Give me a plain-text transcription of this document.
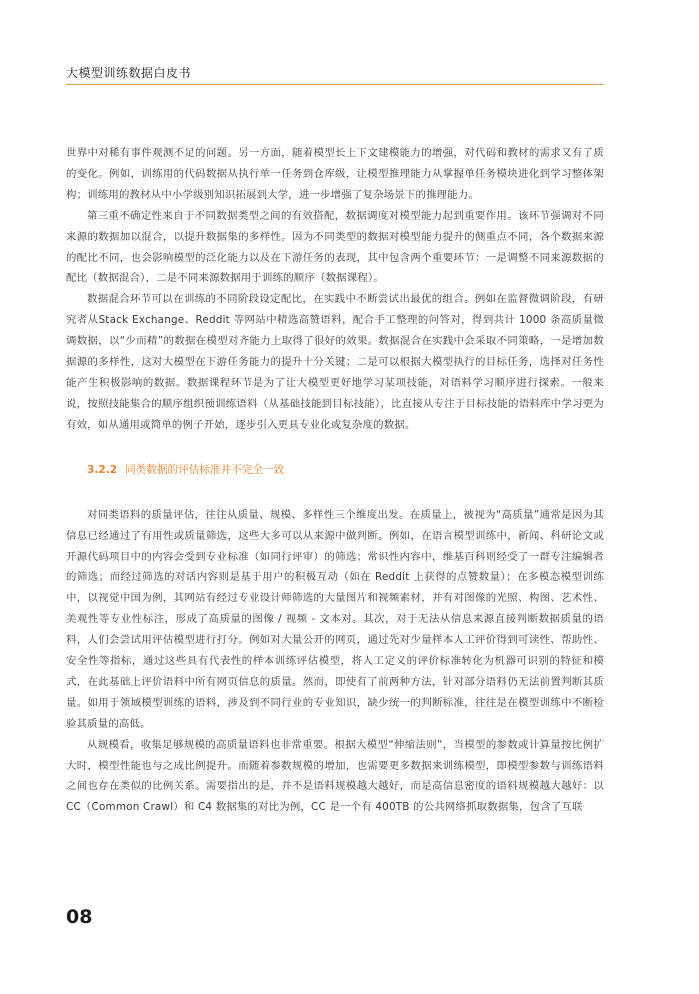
大模型训练数据白皮书

世界中对稀有事件观测不足的问题。另一方面，随着模型长上下文建模能力的增强，对代码和教材的需求又有了质的变化。例如，训练用的代码数据从执行单一任务到仓库级，让模型推理能力从掌握单任务模块进化到学习整体架构；训练用的教材从中小学级别知识拓展到大学，进一步增强了复杂场景下的推理能力。

第三重不确定性来自于不同数据类型之间的有效搭配，数据调度对模型能力起到重要作用。该环节强调对不同来源的数据加以混合，以提升数据集的多样性。因为不同类型的数据对模型能力提升的侧重点不同，各个数据来源的配比不同，也会影响模型的泛化能力以及在下游任务的表现，其中包含两个重要环节：一是调整不同来源数据的配比（数据混合），二是不同来源数据用于训练的顺序（数据课程）。

数据混合环节可以在训练的不同阶段设定配比，在实践中不断尝试出最优的组合。例如在监督微调阶段，有研究者从Stack Exchange、Reddit 等网站中精选高赞语料，配合手工整理的问答对，得到共计 1000 条高质量微调数据，以“少而精”的数据在模型对齐能力上取得了很好的效果。数据混合在实践中会采取不同策略，一是增加数据源的多样性，这对大模型在下游任务能力的提升十分关键；二是可以根据大模型执行的目标任务，选择对任务性能产生积极影响的数据。数据课程环节是为了让大模型更好地学习某项技能，对语料学习顺序进行探索。一般来说，按照技能集合的顺序组织预训练语料（从基础技能到目标技能），比直接从专注于目标技能的语料库中学习更为有效，如从通用或简单的例子开始，逐步引入更具专业化或复杂度的数据。

3.2.2 同类数据的评估标准并不完全一致

对同类语料的质量评估，往往从质量、规模、多样性三个维度出发。在质量上，被视为“高质量”通常是因为其信息已经通过了有用性或质量筛选，这些大多可以从来源中做判断。例如，在语言模型训练中，新闻、科研论文或开源代码项目中的内容会受到专业标准（如同行评审）的筛选；常识性内容中，维基百科则经受了一群专注编辑者的筛选；而经过筛选的对话内容则是基于用户的积极互动（如在 Reddit 上获得的点赞数量）；在多模态模型训练中，以视觉中国为例，其网站有经过专业设计师筛选的大量图片和视频素材，并有对图像的光照、构图、艺术性、美观性等专业性标注，形成了高质量的图像 / 视频 - 文本对。其次，对于无法从信息来源直接判断数据质量的语料，人们会尝试用评估模型进行打分。例如对大量公开的网页，通过先对少量样本人工评价得到可读性、帮助性、安全性等指标，通过这些具有代表性的样本训练评估模型，将人工定义的评价标准转化为机器可识别的特征和模式，在此基础上评价语料中所有网页信息的质量。然而，即使有了前两种方法，针对部分语料仍无法前置判断其质量。如用于领域模型训练的语料，涉及到不同行业的专业知识，缺少统一的判断标准，往往是在模型训练中不断检验其质量的高低。

从规模看，收集足够规模的高质量语料也非常重要。根据大模型“伸缩法则”，当模型的参数或计算量按比例扩大时，模型性能也与之成比例提升。而随着参数规模的增加，也需要更多数据来训练模型，即模型参数与训练语料之间也存在类似的比例关系。需要指出的是，并不是语料规模越大越好，而是高信息密度的语料规模越大越好：以 CC（Common Crawl）和 C4 数据集的对比为例，CC 是一个有 400TB 的公共网络抓取数据集，包含了互联

08
